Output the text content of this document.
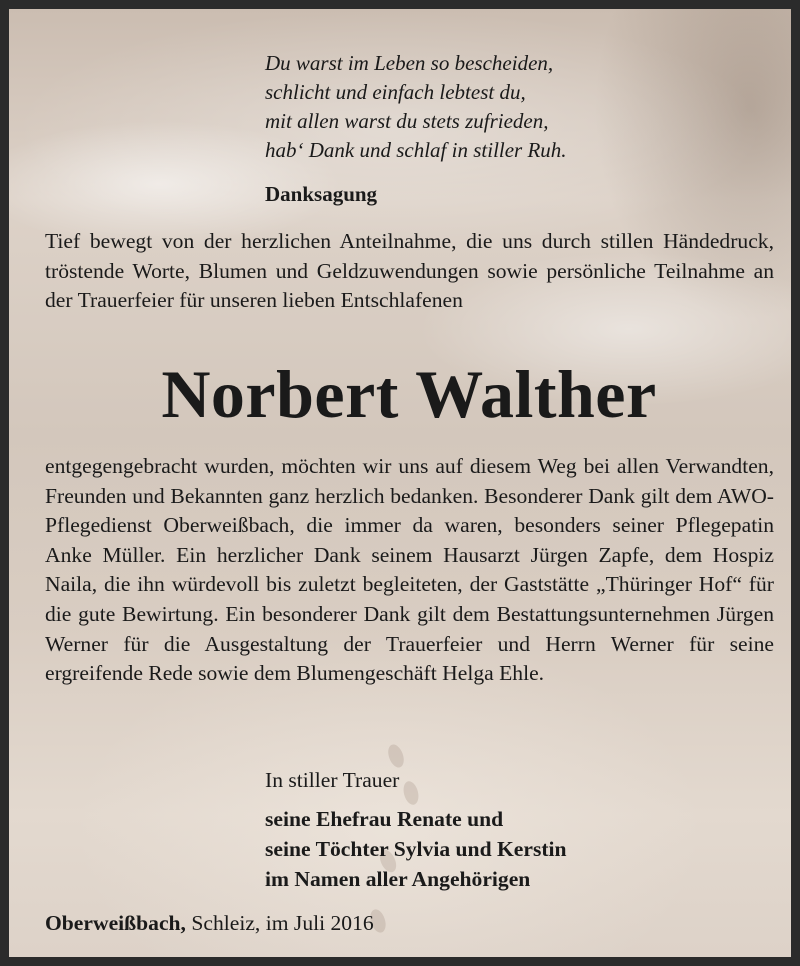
Du warst im Leben so bescheiden,
schlicht und einfach lebtest du,
mit allen warst du stets zufrieden,
hab‘ Dank und schlaf in stiller Ruh.

Danksagung

Tief bewegt von der herzlichen Anteilnahme, die uns durch stillen Händedruck, tröstende Worte, Blumen und Geldzuwendungen sowie persönliche Teilnahme an der Trauerfeier für unseren lieben Entschlafenen

Norbert Walther

entgegengebracht wurden, möchten wir uns auf diesem Weg bei allen Verwandten, Freunden und Bekannten ganz herzlich bedanken. Besonderer Dank gilt dem AWO-Pflegedienst Oberweißbach, die immer da waren, besonders seiner Pflegepatin Anke Müller. Ein herzlicher Dank seinem Hausarzt Jürgen Zapfe, dem Hospiz Naila, die ihn würdevoll bis zuletzt begleiteten, der Gaststätte „Thüringer Hof“ für die gute Bewirtung. Ein besonderer Dank gilt dem Bestattungsunternehmen Jürgen Werner für die Ausgestaltung der Trauerfeier und Herrn Werner für seine ergreifende Rede sowie dem Blumengeschäft Helga Ehle.

In stiller Trauer

seine Ehefrau Renate und
seine Töchter Sylvia und Kerstin
im Namen aller Angehörigen

Oberweißbach, Schleiz, im Juli 2016
